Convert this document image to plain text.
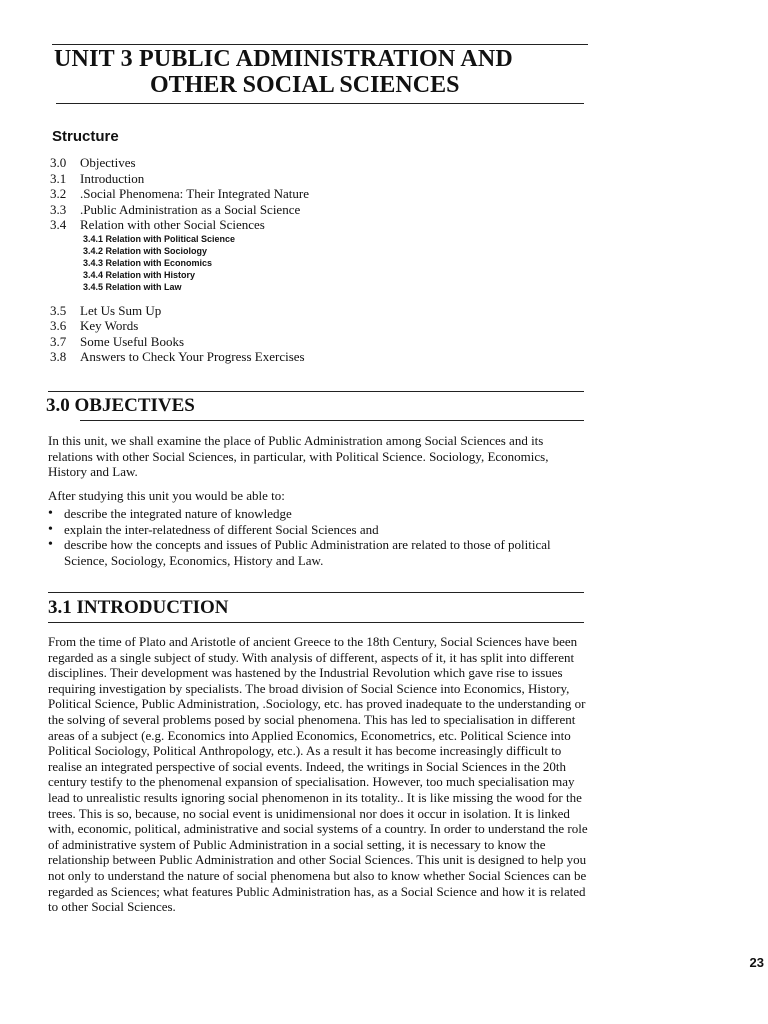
UNIT 3 PUBLIC ADMINISTRATION AND
OTHER SOCIAL SCIENCES
Structure
3.0 Objectives
3.1 Introduction
3.2 .Social Phenomena: Their Integrated Nature
3.3 .Public Administration as a Social Science
3.4 Relation with other Social Sciences
3.4.1 Relation with Political Science
3.4.2 Relation with Sociology
3.4.3 Relation with Economics
3.4.4 Relation with History
3.4.5 Relation with Law
3.5 Let Us Sum Up
3.6 Key Words
3.7 Some Useful Books
3.8 Answers to Check Your Progress Exercises
3.0 OBJECTIVES
In this unit, we shall examine the place of Public Administration among Social Sciences and its relations with other Social Sciences, in particular, with Political Science. Sociology, Economics, History and Law.
After studying this unit you would be able to:
• describe the integrated nature of knowledge
• explain the inter-relatedness of different Social Sciences and
• describe how the concepts and issues of Public Administration are related to those of political Science, Sociology, Economics, History and Law.
3.1 INTRODUCTION
From the time of Plato and Aristotle of ancient Greece to the 18th Century, Social Sciences have been regarded as a single subject of study. With analysis of different, aspects of it, it has split into different disciplines. Their development was hastened by the Industrial Revolution which gave rise to issues requiring investigation by specialists. The broad division of Social Science into Economics, History, Political Science, Public Administration, .Sociology, etc. has proved inadequate to the understanding or the solving of several problems posed by social phenomena. This has led to specialisation in different areas of a subject (e.g. Economics into Applied Economics, Econometrics, etc. Political Science into Political Sociology, Political Anthropology, etc.). As a result it has become increasingly difficult to realise an integrated perspective of social events. Indeed, the writings in Social Sciences in the 20th century testify to the phenomenal expansion of specialisation. However, too much specialisation may lead to unrealistic results ignoring social phenomenon in its totality.. It is like missing the wood for the trees. This is so, because, no social event is unidimensional nor does it occur in isolation. It is linked with, economic, political, administrative and social systems of a country. In order to understand the role of administrative system of Public Administration in a social setting, it is necessary to know the relationship between Public Administration and other Social Sciences. This unit is designed to help you not only to understand the nature of social phenomena but also to know whether Social Sciences can be regarded as Sciences; what features Public Administration has, as a Social Science and how it is related to other Social Sciences.
23
